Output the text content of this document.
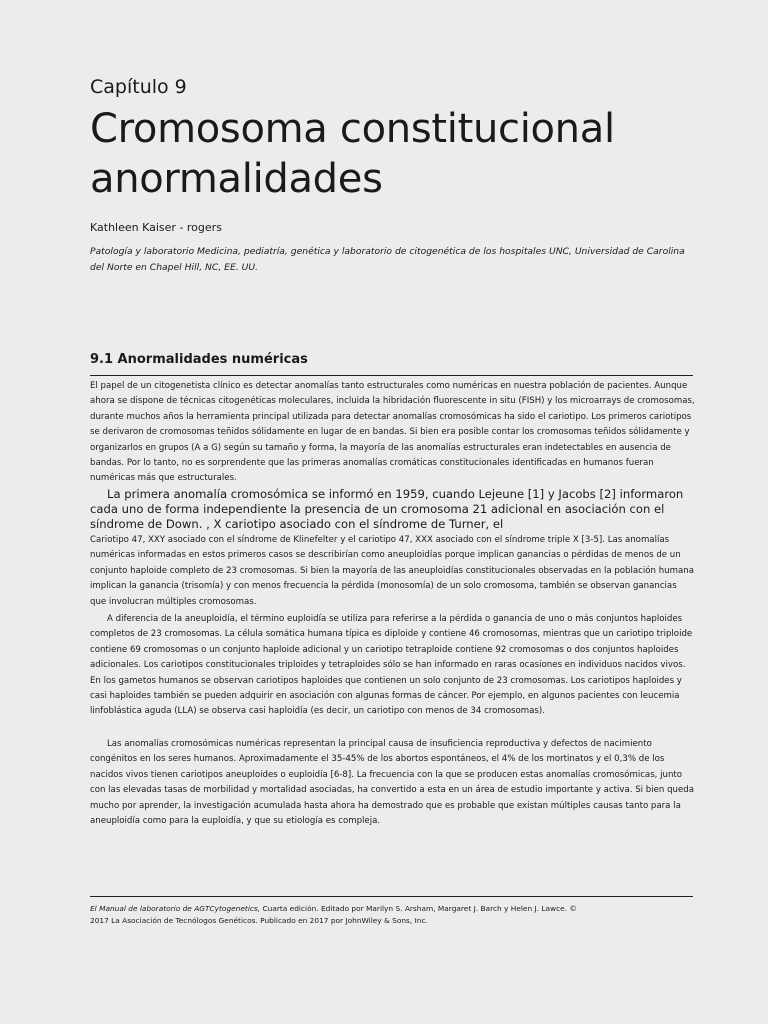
Capítulo 9
Cromosoma constitucional
anormalidades
Kathleen Kaiser - rogers
Patología y laboratorio Medicina, pediatría, genética y laboratorio de citogenética de los hospitales UNC, Universidad de Carolina del Norte en Chapel Hill, NC, EE. UU.
9.1 Anormalidades numéricas
El papel de un citogenetista clínico es detectar anomalías tanto estructurales como numéricas en nuestra población de pacientes. Aunque ahora se dispone de técnicas citogenéticas moleculares, incluida la hibridación fluorescente in situ (FISH) y los microarrays de cromosomas, durante muchos años la herramienta principal utilizada para detectar anomalías cromosómicas ha sido el cariotipo. Los primeros cariotipos se derivaron de cromosomas teñidos sólidamente en lugar de en bandas. Si bien era posible contar los cromosomas teñidos sólidamente y organizarlos en grupos (A a G) según su tamaño y forma, la mayoría de las anomalías estructurales eran indetectables en ausencia de bandas. Por lo tanto, no es sorprendente que las primeras anomalías cromáticas constitucionales identificadas en humanos fueran numéricas más que estructurales.
La primera anomalía cromosómica se informó en 1959, cuando Lejeune [1] y Jacobs [2] informaron cada uno de forma independiente la presencia de un cromosoma 21 adicional en asociación con el síndrome de Down. , X cariotipo asociado con el síndrome de Turner, el
Cariotipo 47, XXY asociado con el síndrome de Klinefelter y el cariotipo 47, XXX asociado con el síndrome triple X [3-5]. Las anomalías numéricas informadas en estos primeros casos se describirían como aneuploidías porque implican ganancias o pérdidas de menos de un conjunto haploide completo de 23 cromosomas. Si bien la mayoría de las aneuploidías constitucionales observadas en la población humana implican la ganancia (trisomía) y con menos frecuencia la pérdida (monosomía) de un solo cromosoma, también se observan ganancias que involucran múltiples cromosomas.
A diferencia de la aneuploidía, el término euploidía se utiliza para referirse a la pérdida o ganancia de uno o más conjuntos haploides completos de 23 cromosomas. La célula somática humana típica es diploide y contiene 46 cromosomas, mientras que un cariotipo triploide contiene 69 cromosomas o un conjunto haploide adicional y un cariotipo tetraploide contiene 92 cromosomas o dos conjuntos haploides adicionales. Los cariotipos constitucionales triploides y tetraploides sólo se han informado en raras ocasiones en individuos nacidos vivos. En los gametos humanos se observan cariotipos haploides que contienen un solo conjunto de 23 cromosomas. Los cariotipos haploides y casi haploides también se pueden adquirir en asociación con algunas formas de cáncer. Por ejemplo, en algunos pacientes con leucemia linfoblástica aguda (LLA) se observa casi haploidía (es decir, un cariotipo con menos de 34 cromosomas).
Las anomalías cromosómicas numéricas representan la principal causa de insuficiencia reproductiva y defectos de nacimiento congénitos en los seres humanos. Aproximadamente el 35-45% de los abortos espontáneos, el 4% de los mortinatos y el 0,3% de los nacidos vivos tienen cariotipos aneuploides o euploidía [6-8]. La frecuencia con la que se producen estas anomalías cromosómicas, junto con las elevadas tasas de morbilidad y mortalidad asociadas, ha convertido a esta en un área de estudio importante y activa. Si bien queda mucho por aprender, la investigación acumulada hasta ahora ha demostrado que es probable que existan múltiples causas tanto para la aneuploidía como para la euploidía, y que su etiología es compleja.
El Manual de laboratorio de AGTCytogenetics, Cuarta edición. Editado por Marilyn S. Arsham, Margaret J. Barch y Helen J. Lawce. ©
2017 La Asociación de Tecnólogos Genéticos. Publicado en 2017 por JohnWiley & Sons, Inc.
